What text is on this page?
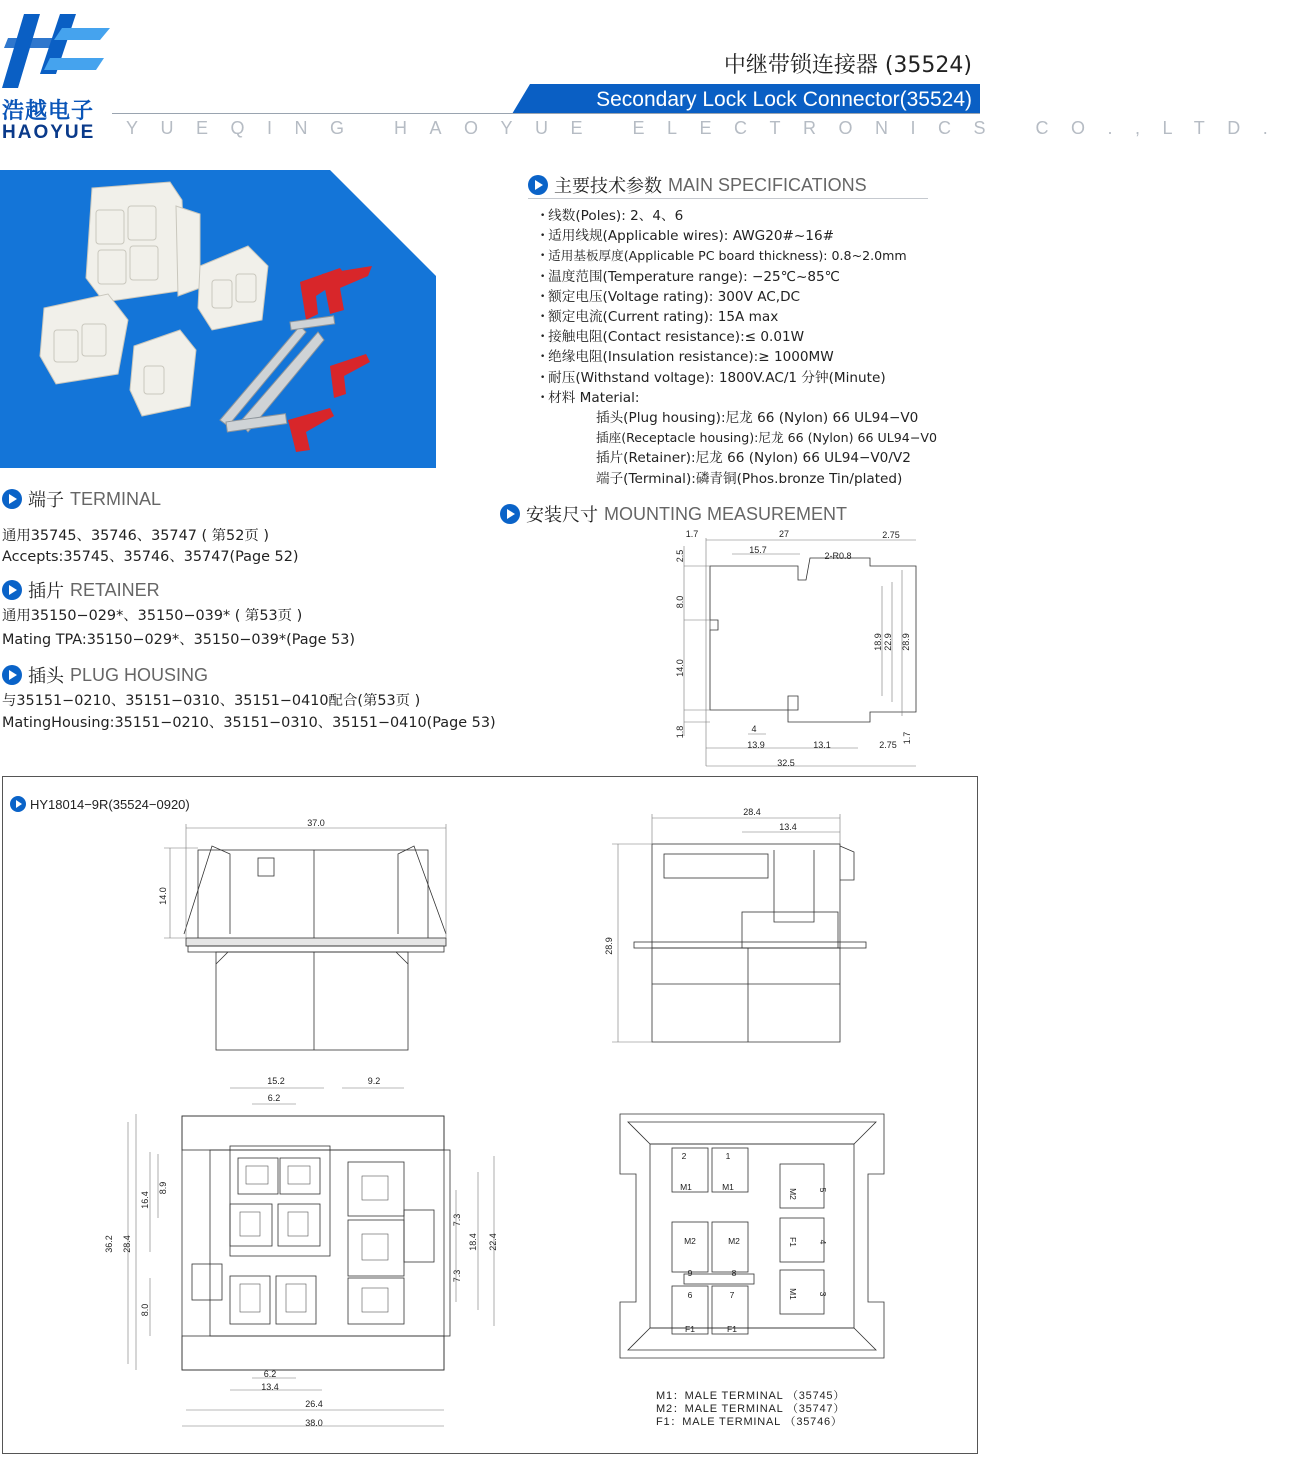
浩越电子
HAOYUE
中继带锁连接器 (35524)
Secondary Lock Lock Connector(35524)
YUEQING HAOYUE ELECTRONICS CO.,LTD.
主要技术参数 MAIN SPECIFICATIONS
• 线数(Poles): 2、4、6
• 适用线规(Applicable wires): AWG20#~16#
• 适用基板厚度(Applicable PC board thickness): 0.8~2.0mm
• 温度范围(Temperature range): −25℃~85℃
• 额定电压(Voltage rating): 300V AC,DC
• 额定电流(Current rating): 15A max
• 接触电阻(Contact resistance):≤ 0.01W
• 绝缘电阻(Insulation resistance):≥ 1000MW
• 耐压(Withstand voltage): 1800V.AC/1 分钟(Minute)
• 材料 Material:
插头(Plug housing):尼龙 66 (Nylon) 66 UL94−V0
插座(Receptacle housing):尼龙 66 (Nylon) 66 UL94−V0
插片(Retainer):尼龙 66 (Nylon) 66 UL94−V0/V2
端子(Terminal):磷青铜(Phos.bronze Tin/plated)
端子 TERMINAL
通用35745、35746、35747 ( 第52页 )
Accepts:35745、35746、35747(Page 52)
插片 RETAINER
通用35150−029*、35150−039* ( 第53页 )
Mating TPA:35150−029*、35150−039*(Page 53)
插头 PLUG HOUSING
与35151−0210、35151−0310、35151−0410配合(第53页 )
MatingHousing:35151−0210、35151−0310、35151−0410(Page 53)
安装尺寸 MOUNTING MEASUREMENT
1.7	27	2.75
2.5	15.7
2-R0.8
8.0
18.9 22.9 28.9
14.0
1.8	4
13.9	13.1	2.75
1.7
32.5
HY18014−9R(35524−0920)
37.0
14.0
28.4
13.4
28.9
15.2	9.2
6.2
16.4
8.9
36.2 28.4
8.0
7.3
7.3
18.4 22.4
6.2
13.4
26.4
38.0
2
M1
1
M1
M2 5
M2	M2	F1 4
M1 3
9	8
6
F1
7
F1
M1：MALE TERMINAL （35745）
M2：MALE TERMINAL （35747）
F1：MALE TERMINAL （35746）
